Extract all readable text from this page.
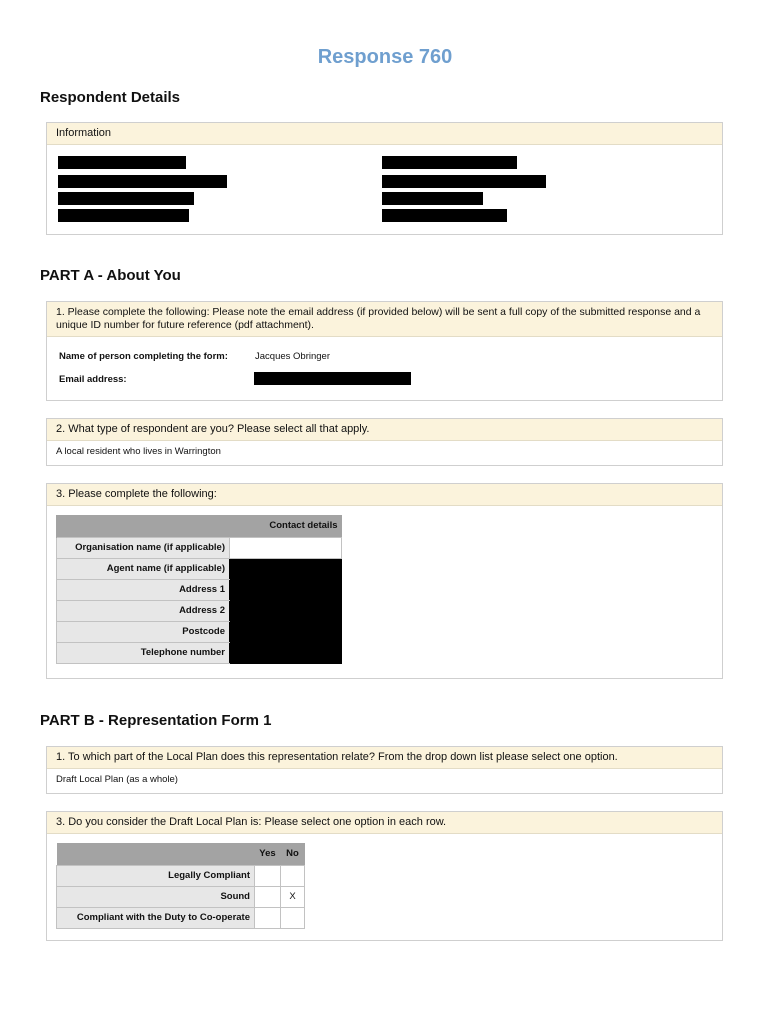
Response 760
Respondent Details
Information
PART A - About You
1. Please complete the following: Please note the email address (if provided below) will be sent a full copy of the submitted response and a unique ID number for future reference (pdf attachment).
Name of person completing the form:	Jacques Obringer
Email address:
2. What type of respondent are you? Please select all that apply.
A local resident who lives in Warrington
3. Please complete the following:
	Contact details
Organisation name (if applicable)	
Agent name (if applicable)	
Address 1	
Address 2	
Postcode	
Telephone number	
PART B - Representation Form 1
1. To which part of the Local Plan does this representation relate? From the drop down list please select one option.
Draft Local Plan (as a whole)
3. Do you consider the Draft Local Plan is: Please select one option in each row.
	Yes	No
Legally Compliant		
Sound		X
Compliant with the Duty to Co-operate		
